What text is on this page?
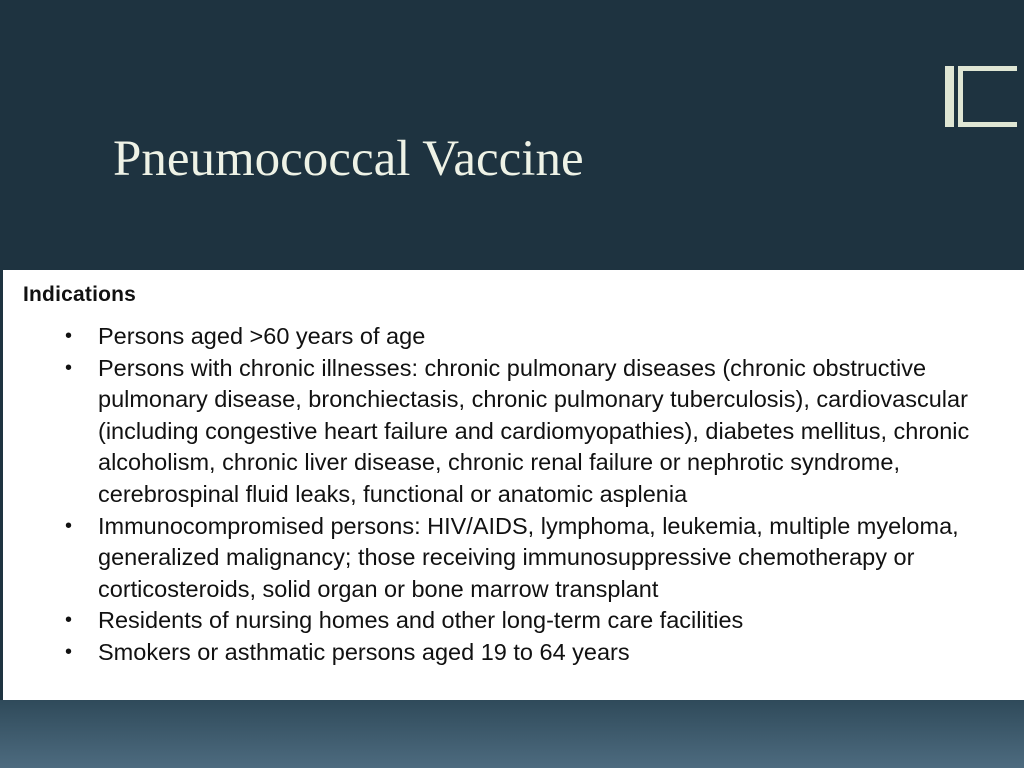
Pneumococcal Vaccine
Indications
• Persons aged >60 years of age
• Persons with chronic illnesses: chronic pulmonary diseases (chronic obstructive pulmonary disease, bronchiectasis, chronic pulmonary tuberculosis), cardiovascular (including congestive heart failure and cardiomyopathies), diabetes mellitus, chronic alcoholism, chronic liver disease, chronic renal failure or nephrotic syndrome, cerebrospinal fluid leaks, functional or anatomic asplenia
• Immunocompromised persons: HIV/AIDS, lymphoma, leukemia, multiple myeloma, generalized malignancy; those receiving immunosuppressive chemotherapy or corticosteroids, solid organ or bone marrow transplant
• Residents of nursing homes and other long-term care facilities
• Smokers or asthmatic persons aged 19 to 64 years
